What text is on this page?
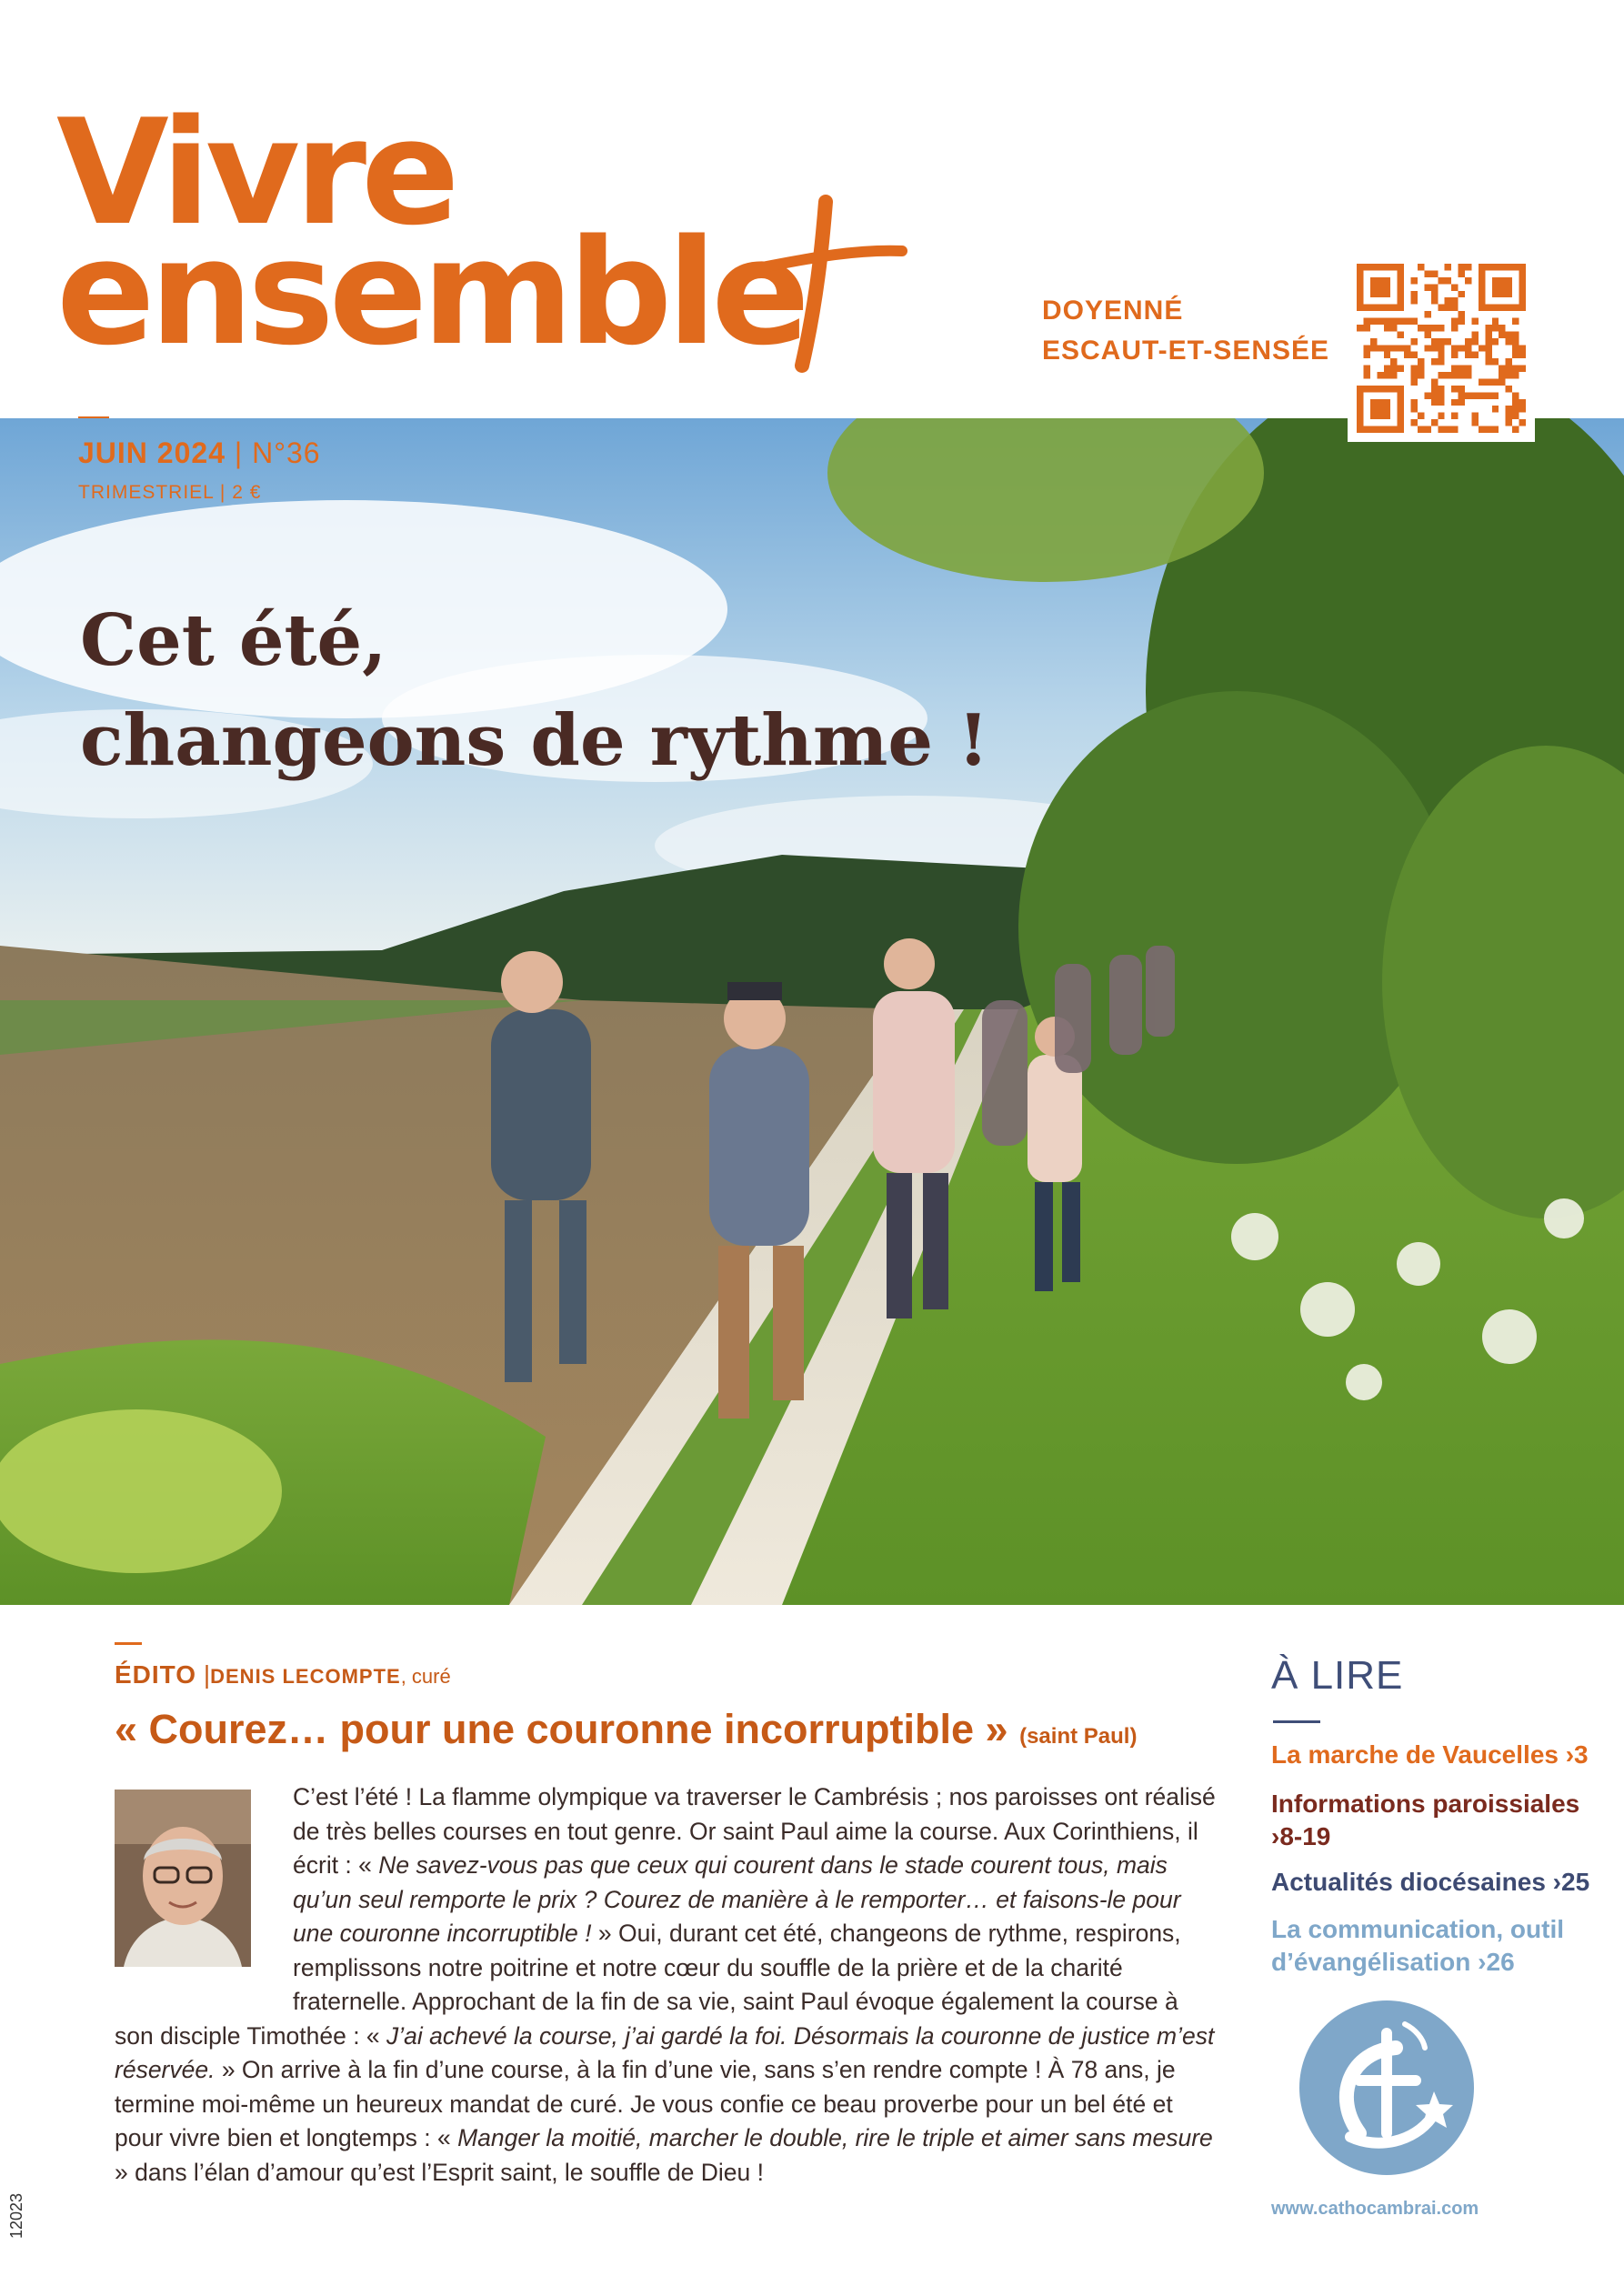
Vivre
ensemble	DOYENNÉ
ESCAUT-ET-SENSÉE
JUIN 2024 | N°36
TRIMESTRIEL | 2 €
Cet été,
changeons de rythme !
ÉDITO |DENIS LECOMPTE, curé
« Courez… pour une couronne incorruptible » (saint Paul)
C’est l’été ! La flamme olympique va traverser le Cambrésis ; nos paroisses ont réalisé de très belles courses en tout genre. Or saint Paul aime la course. Aux Corinthiens, il écrit : « Ne savez-vous pas que ceux qui courent dans le stade courent tous, mais qu’un seul remporte le prix ? Courez de manière à le remporter… et faisons-le pour une couronne incorruptible ! » Oui, durant cet été, changeons de rythme, respirons, remplissons notre poitrine et notre cœur du souffle de la prière et de la charité fraternelle. Approchant de la fin de sa vie, saint Paul évoque également la course à son disciple Timothée : « J’ai achevé la course, j’ai gardé la foi. Désormais la couronne de justice m’est réservée. » On arrive à la fin d’une course, à la fin d’une vie, sans s’en rendre compte ! À 78 ans, je termine moi-même un heureux mandat de curé. Je vous confie ce beau proverbe pour un bel été et pour vivre bien et longtemps : « Manger la moitié, marcher le double, rire le triple et aimer sans mesure » dans l’élan d’amour qu’est l’Esprit saint, le souffle de Dieu !
À LIRE
La marche de Vaucelles ›3
Informations paroissiales ›8-19
Actualités diocésaines ›25
La communication, outil d’évangélisation ›26
www.cathocambrai.com
12023
